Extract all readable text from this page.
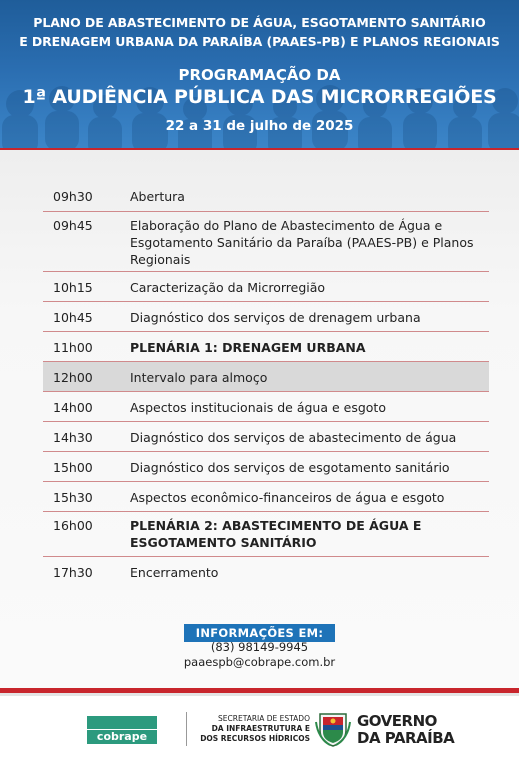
PLANO DE ABASTECIMENTO DE ÁGUA, ESGOTAMENTO SANITÁRIO
E DRENAGEM URBANA DA PARAÍBA (PAAES-PB) E PLANOS REGIONAIS
PROGRAMAÇÃO DA
1ª AUDIÊNCIA PÚBLICA DAS MICRORREGIÕES
22 a 31 de julho de 2025
09h30	Abertura
09h45	Elaboração do Plano de Abastecimento de Água e Esgotamento Sanitário da Paraíba (PAAES-PB) e Planos Regionais
10h15	Caracterização da Microrregião
10h45	Diagnóstico dos serviços de drenagem urbana
11h00	PLENÁRIA 1: DRENAGEM URBANA
12h00	Intervalo para almoço
14h00	Aspectos institucionais de água e esgoto
14h30	Diagnóstico dos serviços de abastecimento de água
15h00	Diagnóstico dos serviços de esgotamento sanitário
15h30	Aspectos econômico-financeiros de água e esgoto
16h00	PLENÁRIA 2: ABASTECIMENTO DE ÁGUA E ESGOTAMENTO SANITÁRIO
17h30	Encerramento
INFORMAÇÕES EM:
(83) 98149-9945
paaespb@cobrape.com.br
cobrape
SECRETARIA DE ESTADO
DA INFRAESTRUTURA E
DOS RECURSOS HÍDRICOS
GOVERNO
DA PARAÍBA
